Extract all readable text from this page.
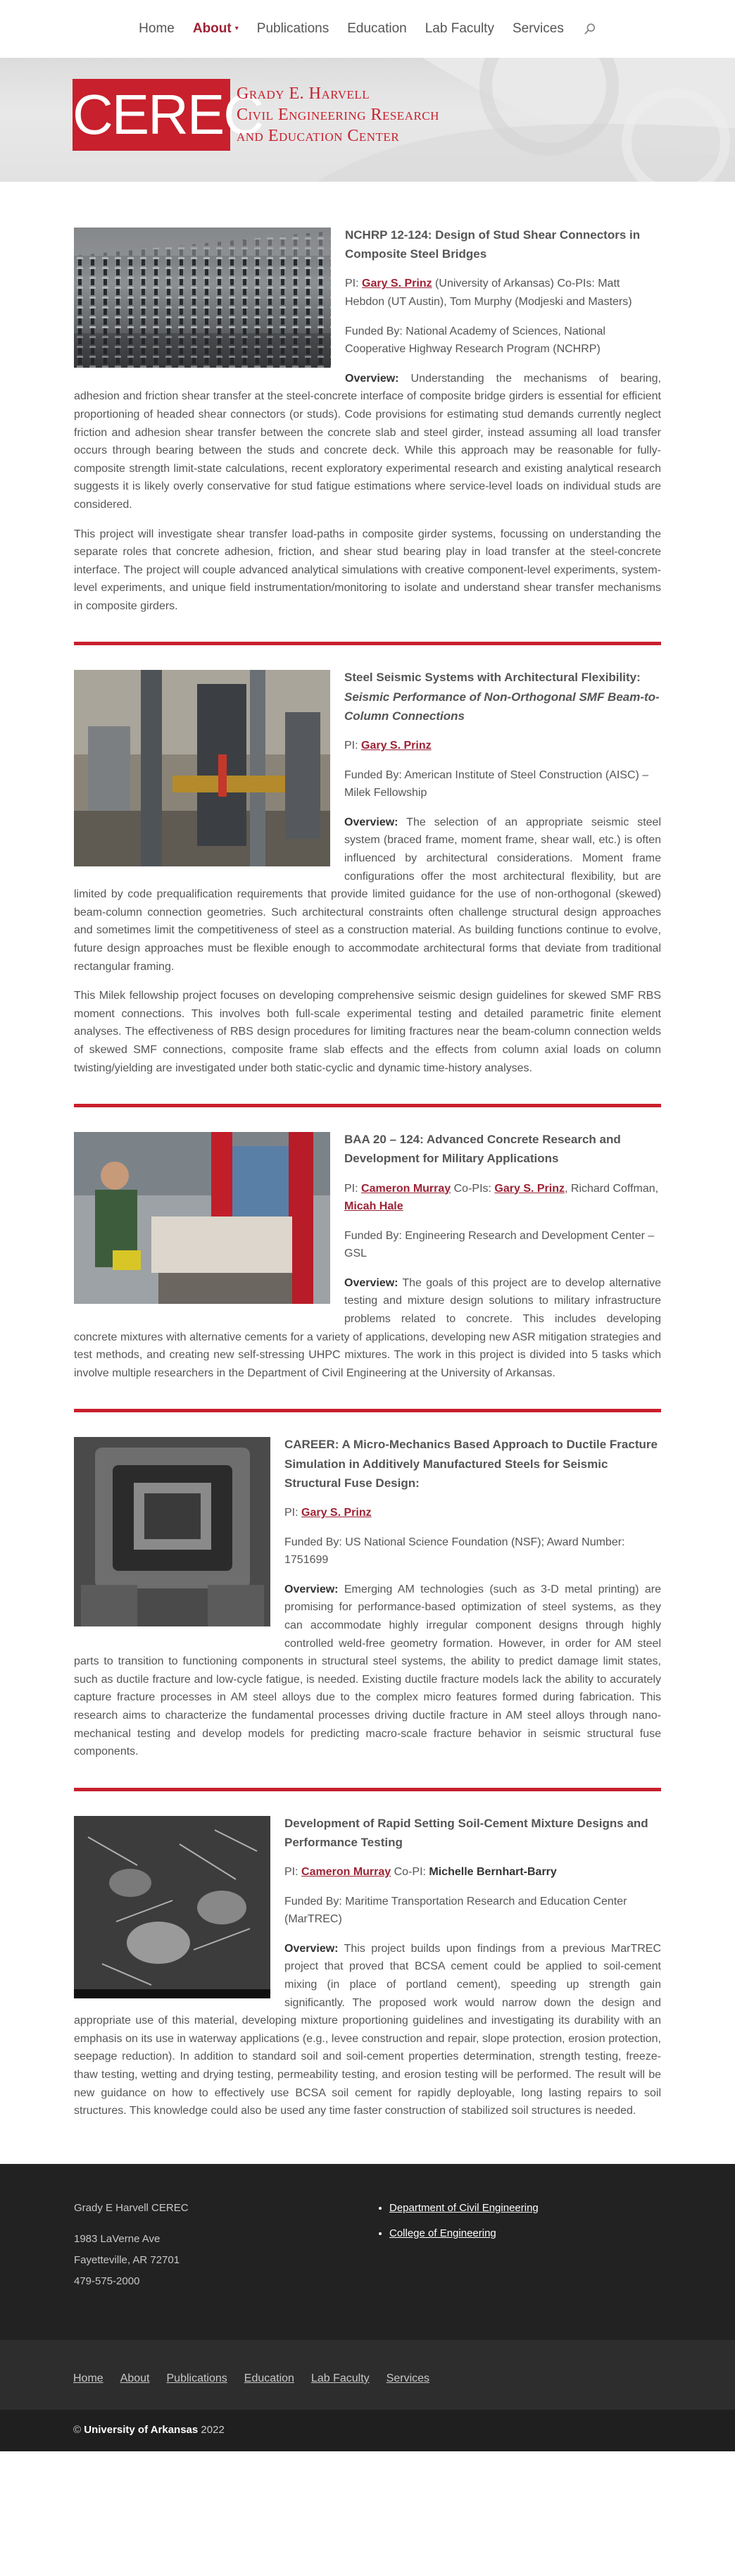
Home About ▾ Publications Education Lab Faculty Services
CEREC
Grady E. Harvell
Civil Engineering Research
and Education Center
NCHRP 12-124: Design of Stud Shear Connectors in Composite Steel Bridges

PI: Gary S. Prinz (University of Arkansas) Co-PIs: Matt Hebdon (UT Austin), Tom Murphy (Modjeski and Masters)

Funded By: National Academy of Sciences, National Cooperative Highway Research Program (NCHRP)

Overview: Understanding the mechanisms of bearing, adhesion and friction shear transfer at the steel-concrete interface of composite bridge girders is essential for efficient proportioning of headed shear connectors (or studs). Code provisions for estimating stud demands currently neglect friction and adhesion shear transfer between the concrete slab and steel girder, instead assuming all load transfer occurs through bearing between the studs and concrete deck. While this approach may be reasonable for fully-composite strength limit-state calculations, recent exploratory experimental research and existing analytical research suggests it is likely overly conservative for stud fatigue estimations where service-level loads on individual studs are considered.

This project will investigate shear transfer load-paths in composite girder systems, focussing on understanding the separate roles that concrete adhesion, friction, and shear stud bearing play in load transfer at the steel-concrete interface. The project will couple advanced analytical simulations with creative component-level experiments, system-level experiments, and unique field instrumentation/monitoring to isolate and understand shear transfer mechanisms in composite girders.

Steel Seismic Systems with Architectural Flexibility:
Seismic Performance of Non-Orthogonal SMF Beam-to-Column Connections

PI: Gary S. Prinz

Funded By: American Institute of Steel Construction (AISC) – Milek Fellowship

Overview: The selection of an appropriate seismic steel system (braced frame, moment frame, shear wall, etc.) is often influenced by architectural considerations. Moment frame configurations offer the most architectural flexibility, but are limited by code prequalification requirements that provide limited guidance for the use of non-orthogonal (skewed) beam-column connection geometries. Such architectural constraints often challenge structural design approaches and sometimes limit the competitiveness of steel as a construction material. As building functions continue to evolve, future design approaches must be flexible enough to accommodate architectural forms that deviate from traditional rectangular framing.

This Milek fellowship project focuses on developing comprehensive seismic design guidelines for skewed SMF RBS moment connections. This involves both full-scale experimental testing and detailed parametric finite element analyses. The effectiveness of RBS design procedures for limiting fractures near the beam-column connection welds of skewed SMF connections, composite frame slab effects and the effects from column axial loads on column twisting/yielding are investigated under both static-cyclic and dynamic time-history analyses.

BAA 20 – 124: Advanced Concrete Research and Development for Military Applications

PI: Cameron Murray Co-PIs: Gary S. Prinz, Richard Coffman, Micah Hale

Funded By: Engineering Research and Development Center – GSL

Overview: The goals of this project are to develop alternative testing and mixture design solutions to military infrastructure problems related to concrete. This includes developing concrete mixtures with alternative cements for a variety of applications, developing new ASR mitigation strategies and test methods, and creating new self-stressing UHPC mixtures. The work in this project is divided into 5 tasks which involve multiple researchers in the Department of Civil Engineering at the University of Arkansas.

CAREER: A Micro-Mechanics Based Approach to Ductile Fracture Simulation in Additively Manufactured Steels for Seismic Structural Fuse Design:

PI: Gary S. Prinz

Funded By: US National Science Foundation (NSF); Award Number: 1751699

Overview: Emerging AM technologies (such as 3-D metal printing) are promising for performance-based optimization of steel systems, as they can accommodate highly irregular component designs through highly controlled weld-free geometry formation. However, in order for AM steel parts to transition to functioning components in structural steel systems, the ability to predict damage limit states, such as ductile fracture and low-cycle fatigue, is needed. Existing ductile fracture models lack the ability to accurately capture fracture processes in AM steel alloys due to the complex micro features formed during fabrication. This research aims to characterize the fundamental processes driving ductile fracture in AM steel alloys through nano-mechanical testing and develop models for predicting macro-scale fracture behavior in seismic structural fuse components.

Development of Rapid Setting Soil-Cement Mixture Designs and Performance Testing

PI: Cameron Murray Co-PI: Michelle Bernhart-Barry

Funded By: Maritime Transportation Research and Education Center (MarTREC)

Overview: This project builds upon findings from a previous MarTREC project that proved that BCSA cement could be applied to soil-cement mixing (in place of portland cement), speeding up strength gain significantly. The proposed work would narrow down the design and appropriate use of this material, developing mixture proportioning guidelines and investigating its durability with an emphasis on its use in waterway applications (e.g., levee construction and repair, slope protection, erosion protection, seepage reduction). In addition to standard soil and soil-cement properties determination, strength testing, freeze-thaw testing, wetting and drying testing, permeability testing, and erosion testing will be performed. The result will be new guidance on how to effectively use BCSA soil cement for rapidly deployable, long lasting repairs to soil structures. This knowledge could also be used any time faster construction of stabilized soil structures is needed.

Grady E Harvell CEREC

1983 LaVerne Ave

Fayetteville, AR 72701

479-575-2000

• Department of Civil Engineering
• College of Engineering
Home About Publications Education Lab Faculty Services
© University of Arkansas 2022
